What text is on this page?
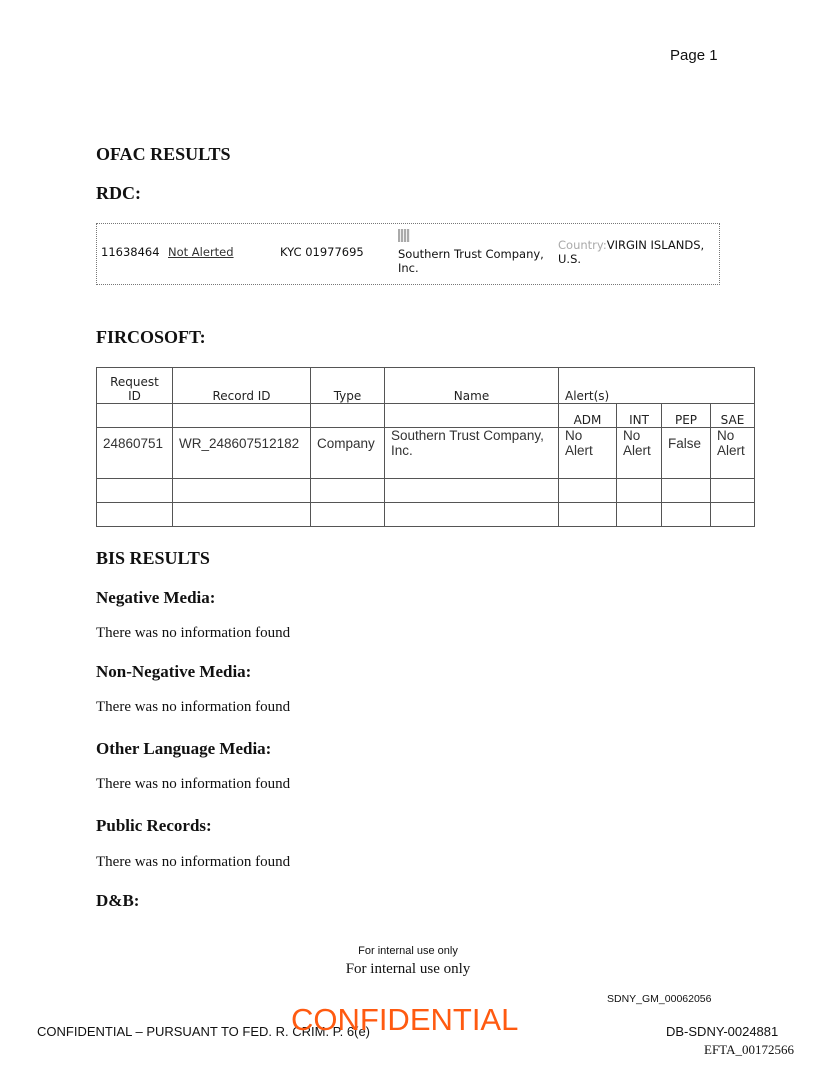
Page 1
OFAC RESULTS
RDC:
11638464 Not Alerted	KYC 01977695	Southern Trust Company, Inc.
Country:VIRGIN ISLANDS, U.S.
FIRCOSOFT:
Request ID	Record ID	Type	Name	Alert(s)			
				ADM	INT	PEP	SAE
24860751	WR_248607512182	Company	Southern Trust Company, Inc.	No Alert	No Alert	False	No Alert

BIS RESULTS
Negative Media:
There was no information found
Non-Negative Media:
There was no information found
Other Language Media:
There was no information found
Public Records:
There was no information found
D&B:
For internal use only
For internal use only
SDNY_GM_00062056
CONFIDENTIAL – PURSUANT TO FED. R. CRIM. P. 6(e)
CONFIDENTIAL	DB-SDNY-0024881
EFTA_00172566
